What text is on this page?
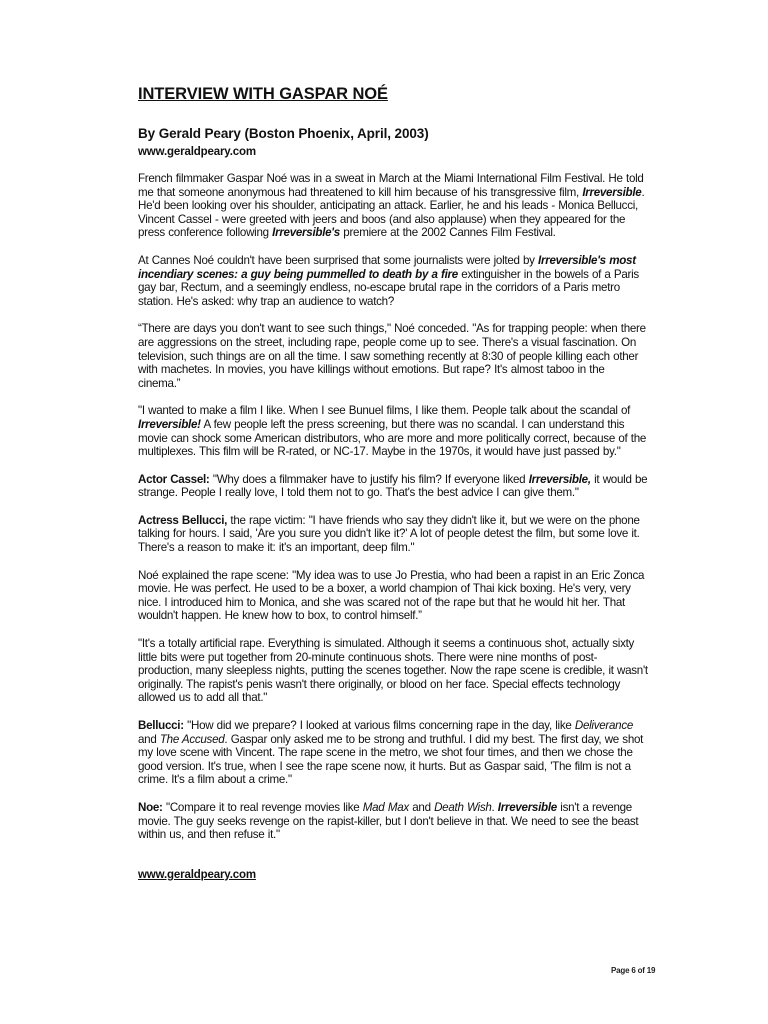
INTERVIEW WITH GASPAR NOÉ

By Gerald Peary (Boston Phoenix, April, 2003)

www.geraldpeary.com

French filmmaker Gaspar Noé was in a sweat in March at the Miami International Film Festival. He told me that someone anonymous had threatened to kill him because of his transgressive film, Irreversible. He'd been looking over his shoulder, anticipating an attack. Earlier, he and his leads - Monica Bellucci, Vincent Cassel - were greeted with jeers and boos (and also applause) when they appeared for the press conference following Irreversible's premiere at the 2002 Cannes Film Festival.

At Cannes Noé couldn't have been surprised that some journalists were jolted by Irreversible's most incendiary scenes: a guy being pummelled to death by a fire extinguisher in the bowels of a Paris gay bar, Rectum, and a seemingly endless, no-escape brutal rape in the corridors of a Paris metro station. He's asked: why trap an audience to watch?

“There are days you don't want to see such things," Noé conceded. "As for trapping people: when there are aggressions on the street, including rape, people come up to see. There's a visual fascination. On television, such things are on all the time. I saw something recently at 8:30 of people killing each other with machetes. In movies, you have killings without emotions. But rape? It's almost taboo in the cinema.”

"I wanted to make a film I like. When I see Bunuel films, I like them. People talk about the scandal of Irreversible! A few people left the press screening, but there was no scandal. I can understand this movie can shock some American distributors, who are more and more politically correct, because of the multiplexes. This film will be R-rated, or NC-17. Maybe in the 1970s, it would have just passed by."

Actor Cassel: "Why does a filmmaker have to justify his film? If everyone liked Irreversible, it would be strange. People I really love, I told them not to go. That's the best advice I can give them."

Actress Bellucci, the rape victim: "I have friends who say they didn't like it, but we were on the phone talking for hours. I said, 'Are you sure you didn't like it?' A lot of people detest the film, but some love it. There's a reason to make it: it's an important, deep film."

Noé explained the rape scene: "My idea was to use Jo Prestia, who had been a rapist in an Eric Zonca movie. He was perfect. He used to be a boxer, a world champion of Thai kick boxing. He's very, very nice. I introduced him to Monica, and she was scared not of the rape but that he would hit her. That wouldn't happen. He knew how to box, to control himself.”

"It's a totally artificial rape. Everything is simulated. Although it seems a continuous shot, actually sixty little bits were put together from 20-minute continuous shots. There were nine months of post-production, many sleepless nights, putting the scenes together. Now the rape scene is credible, it wasn't originally. The rapist's penis wasn't there originally, or blood on her face. Special effects technology allowed us to add all that."

Bellucci: "How did we prepare? I looked at various films concerning rape in the day, like Deliverance and The Accused. Gaspar only asked me to be strong and truthful. I did my best. The first day, we shot my love scene with Vincent. The rape scene in the metro, we shot four times, and then we chose the good version. It's true, when I see the rape scene now, it hurts. But as Gaspar said, 'The film is not a crime. It's a film about a crime."

Noe: "Compare it to real revenge movies like Mad Max and Death Wish. Irreversible isn't a revenge movie. The guy seeks revenge on the rapist-killer, but I don't believe in that. We need to see the beast within us, and then refuse it."

www.geraldpeary.com
Page 6 of 19
